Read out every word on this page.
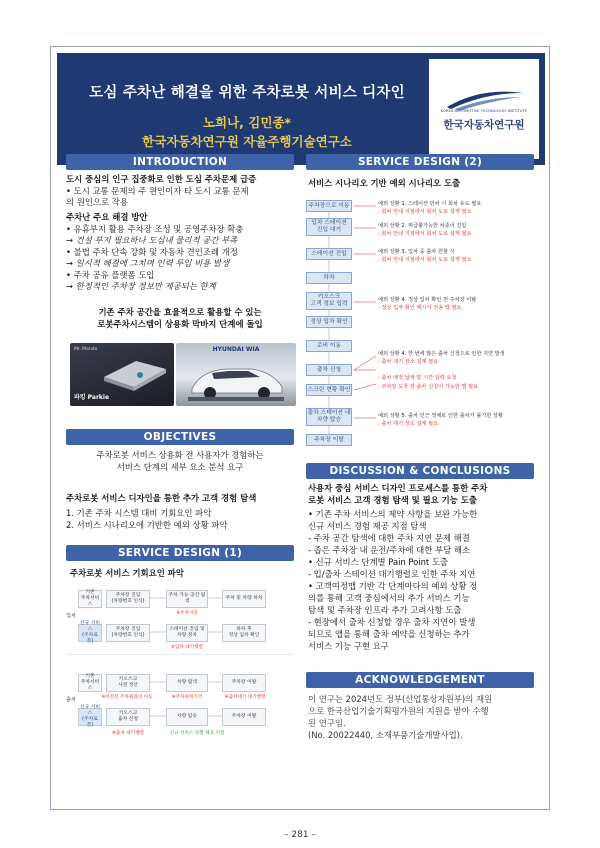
도심 주차난 해결을 위한 주차로봇 서비스 디자인
노희나, 김민종*
한국자동차연구원 자율주행기술연구소
KOREA AUTOMOTIVE TECHNOLOGY INSTITUTE
한국자동차연구원
INTRODUCTION
도시 중심의 인구 집중화로 인한 도심 주차문제 급증
• 도시 교통 문제의 주 원인이자 타 도시 교통 문제
의 원인으로 작용
주차난 주요 해결 방안
• 유휴부지 활용 주차장 조성 및 공영주차장 확충
→ 건설 부지 필요하나 도심내 물리적 공간 부족
• 불법 주차 단속 강화 및 자동차 견인조례 개정
→ 일시적 해결에 그치며 인력 투입 비용 발생
• 주차 공유 플랫폼 도입
→ 한정적인 주차장 정보만 제공되는 한계
기존 주차 공간을 효율적으로 활용할 수 있는
로봇주차시스템이 상용화 막바지 단계에 돌입
Mr. Mondo
파킹 Parkie
HYUNDAI WIA
OBJECTIVES
주차로봇 서비스 상용화 전 사용자가 경험하는
서비스 단계의 세부 요소 분석 요구
주차로봇 서비스 디자인을 통한 추가 고객 경험 탐색
1. 기존 주차 시스템 대비 기회요인 파악
2. 서비스 시나리오에 기반한 예외 상황 파악
SERVICE DESIGN (1)
주차로봇 서비스 기회요인 파악
입차
출차
기존
주차서비스
신규 서비스
(주차로봇)
기존
주차서비스
신규 서비스
(주차로봇)
주차장 진입
(차량번호 인식)
주차 가능 공간 탐색
주차 및 차량 하차
※주차지연
주차장 진입
(차량번호 인식)
스테이션 진입 및
차량 정차
하차 후
정상 입차 확인
※입차 대기행렬
키오스크
사전 정산
차량 탐색	주차장 이탈
※이전선 주차원과의 이동	※주차위치기억	※출차대기 대기행렬
키오스크
출차 신청
차량 탑승	주차장 이탈
※출차 대기행렬	신규 서비스 경험 제공 지점
SERVICE DESIGN (2)
서비스 시나리오 기반 예외 시나리오 도출
주차장으로 이동
입차 스테이션
진입 대기
스테이션 진입
하차
키오스크
고객 정보 입력
정상 입차 확인
로비 이동
출차 신청
스크린 현황 확인
출차 스테이션 내
차량 탑승
주차장 이탈
예외 상황 1. 스테이션 만차 시 회차 유도 필요
: 회차 안내 지점에서 회차 도로 설계 필요
예외 상황 2. 위급불가능한 차종이 진입
: 회차 안내 지점에서 회차 도로 설계 필요
예외 상황 3. 입차 중 출차 원할 시
: 회차 안내 지점에서 회차 도로 설계 필요
예외 상황 4. 정상 입차 확인 전 주차장 이탈
: 정상 입차 확인 메시지 전송 앱 필요
예외 상황 4. 한 번에 많은 출차 신청으로 인한 지연 발생
: 출차 대기 장소 설계 필요
: 출차 예정 날짜 및 시간 입력 요청
: 주차장 도착 전 출차 신청이 가능한 앱 필요
예외 상황 5. 출차 인근 정체로 인한 출차가 불가한 상황
: 출차 대기 장소 설계 필요
DISCUSSION & CONCLUSIONS
사용자 중심 서비스 디자인 프로세스를 통한 주차
로봇 서비스 고객 경험 탐색 및 필요 기능 도출
• 기존 주차 서비스의 제약 사항을 보완 가능한
신규 서비스 경험 제공 지점 탐색
- 주차 공간 탐색에 대한 주차 지연 문제 해결
- 좁은 주차장 내 운전/주차에 대한 부담 해소
• 신규 서비스 단계별 Pain Point 도출
- 입/출차 스테이션 대기행렬로 인한 주차 지연
• 고객여정맵 기반 각 단계마다의 예외 상황 정
의를 통해 고객 중심에서의 추가 서비스 기능
탐색 및 주차장 인프라 추가 고려사항 도출
- 현장에서 출차 신청할 경우 출차 지연이 발생
되므로 앱을 통해 출차 예약을 신청하는 추가
서비스 기능 구현 요구
ACKNOWLEDGEMENT
이 연구는 2024년도 정부(산업통상자원부)의 재원
으로 한국산업기술기획평가원의 지원을 받아 수행
된 연구임.
(No. 20022440, 소재부품기술개발사업).
– 281 –
